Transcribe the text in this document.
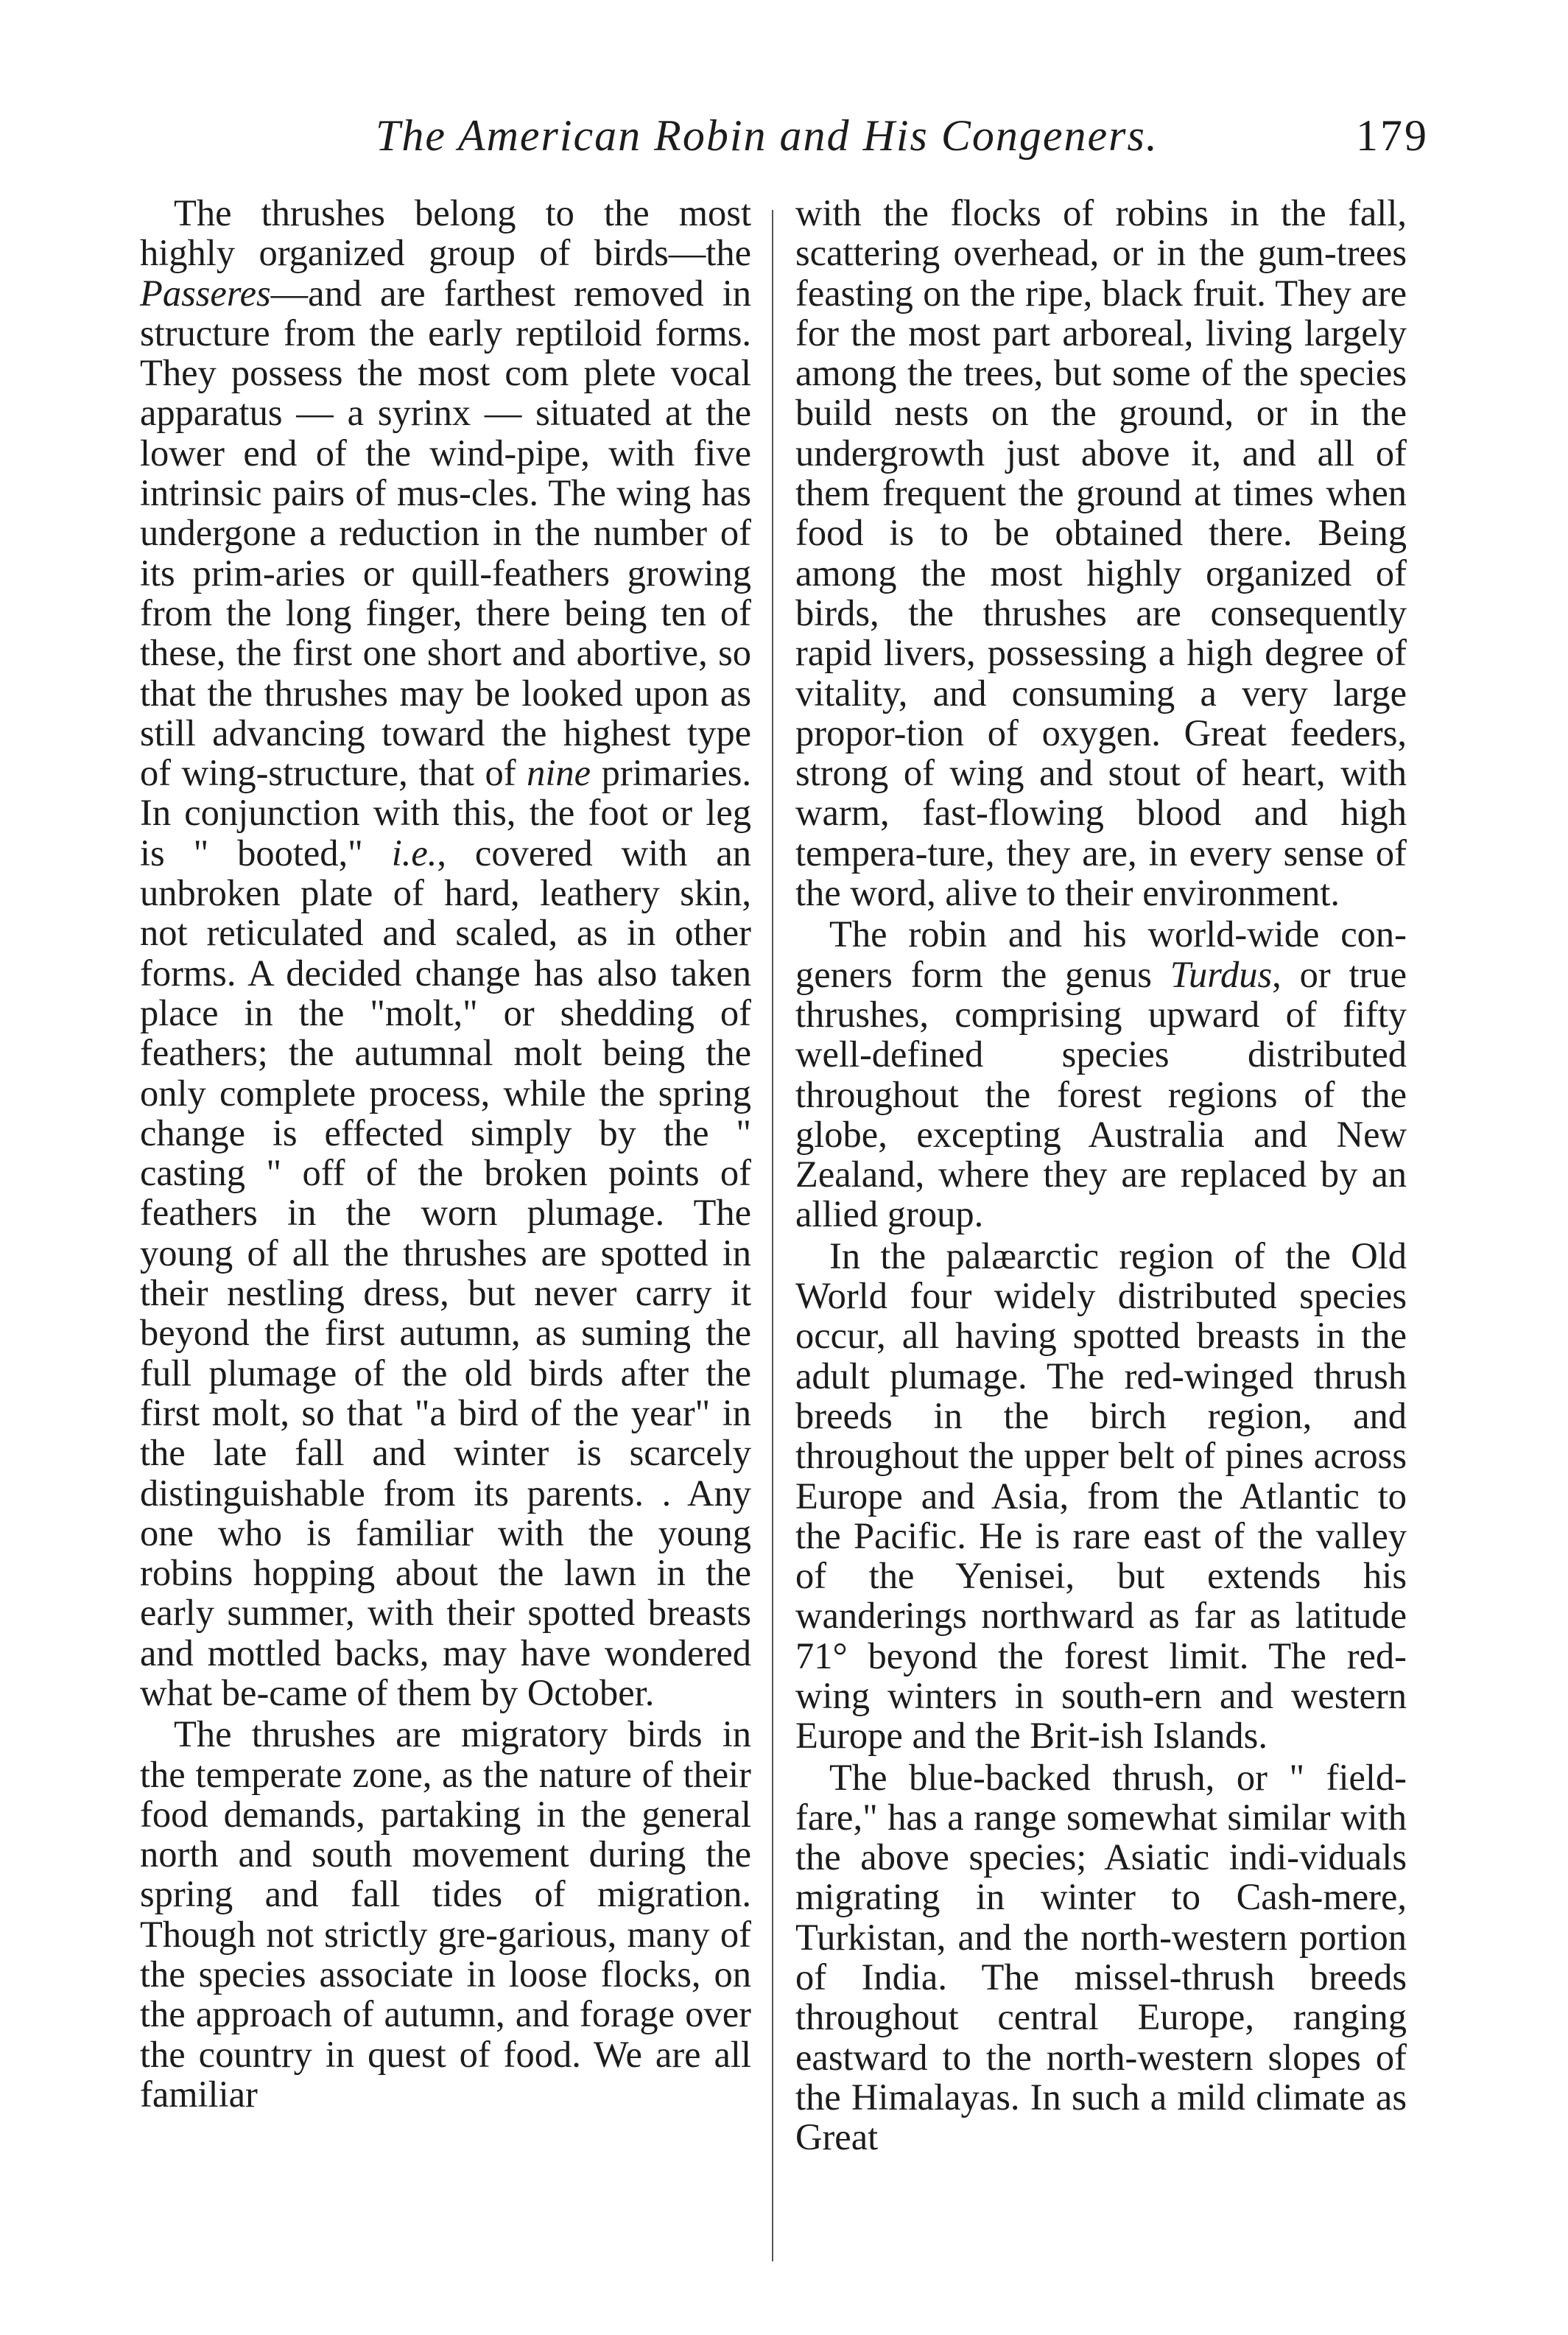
The American Robin and His Congeners.	179

The thrushes belong to the most highly organized group of birds—the Passeres—and are farthest removed in structure from the early reptiloid forms. They possess the most com plete vocal apparatus — a syrinx — situated at the lower end of the wind-pipe, with five intrinsic pairs of mus-cles. The wing has undergone a reduction in the number of its prim-aries or quill-feathers growing from the long finger, there being ten of these, the first one short and abortive, so that the thrushes may be looked upon as still advancing toward the highest type of wing-structure, that of nine primaries. In conjunction with this, the foot or leg is " booted," i.e., covered with an unbroken plate of hard, leathery skin, not reticulated and scaled, as in other forms. A decided change has also taken place in the "molt," or shedding of feathers; the autumnal molt being the only complete process, while the spring change is effected simply by the " casting " off of the broken points of feathers in the worn plumage. The young of all the thrushes are spotted in their nestling dress, but never carry it beyond the first autumn, as suming the full plumage of the old birds after the first molt, so that "a bird of the year" in the late fall and winter is scarcely distinguishable from its parents. . Any one who is familiar with the young robins hopping about the lawn in the early summer, with their spotted breasts and mottled backs, may have wondered what be-came of them by October.

The thrushes are migratory birds in the temperate zone, as the nature of their food demands, partaking in the general north and south movement during the spring and fall tides of migration. Though not strictly gre-garious, many of the species associate in loose flocks, on the approach of autumn, and forage over the country in quest of food. We are all familiar

with the flocks of robins in the fall, scattering overhead, or in the gum-trees feasting on the ripe, black fruit. They are for the most part arboreal, living largely among the trees, but some of the species build nests on the ground, or in the undergrowth just above it, and all of them frequent the ground at times when food is to be obtained there. Being among the most highly organized of birds, the thrushes are consequently rapid livers, possessing a high degree of vitality, and consuming a very large propor-tion of oxygen. Great feeders, strong of wing and stout of heart, with warm, fast-flowing blood and high tempera-ture, they are, in every sense of the word, alive to their environment.

The robin and his world-wide con-geners form the genus Turdus, or true thrushes, comprising upward of fifty well-defined species distributed throughout the forest regions of the globe, excepting Australia and New Zealand, where they are replaced by an allied group.

In the palæarctic region of the Old World four widely distributed species occur, all having spotted breasts in the adult plumage. The red-winged thrush breeds in the birch region, and throughout the upper belt of pines across Europe and Asia, from the Atlantic to the Pacific. He is rare east of the valley of the Yenisei, but extends his wanderings northward as far as latitude 71° beyond the forest limit. The red-wing winters in south-ern and western Europe and the Brit-ish Islands.

The blue-backed thrush, or " field-fare," has a range somewhat similar with the above species; Asiatic indi-viduals migrating in winter to Cash-mere, Turkistan, and the north-western portion of India. The missel-thrush breeds throughout central Europe, ranging eastward to the north-western slopes of the Himalayas. In such a mild climate as Great
